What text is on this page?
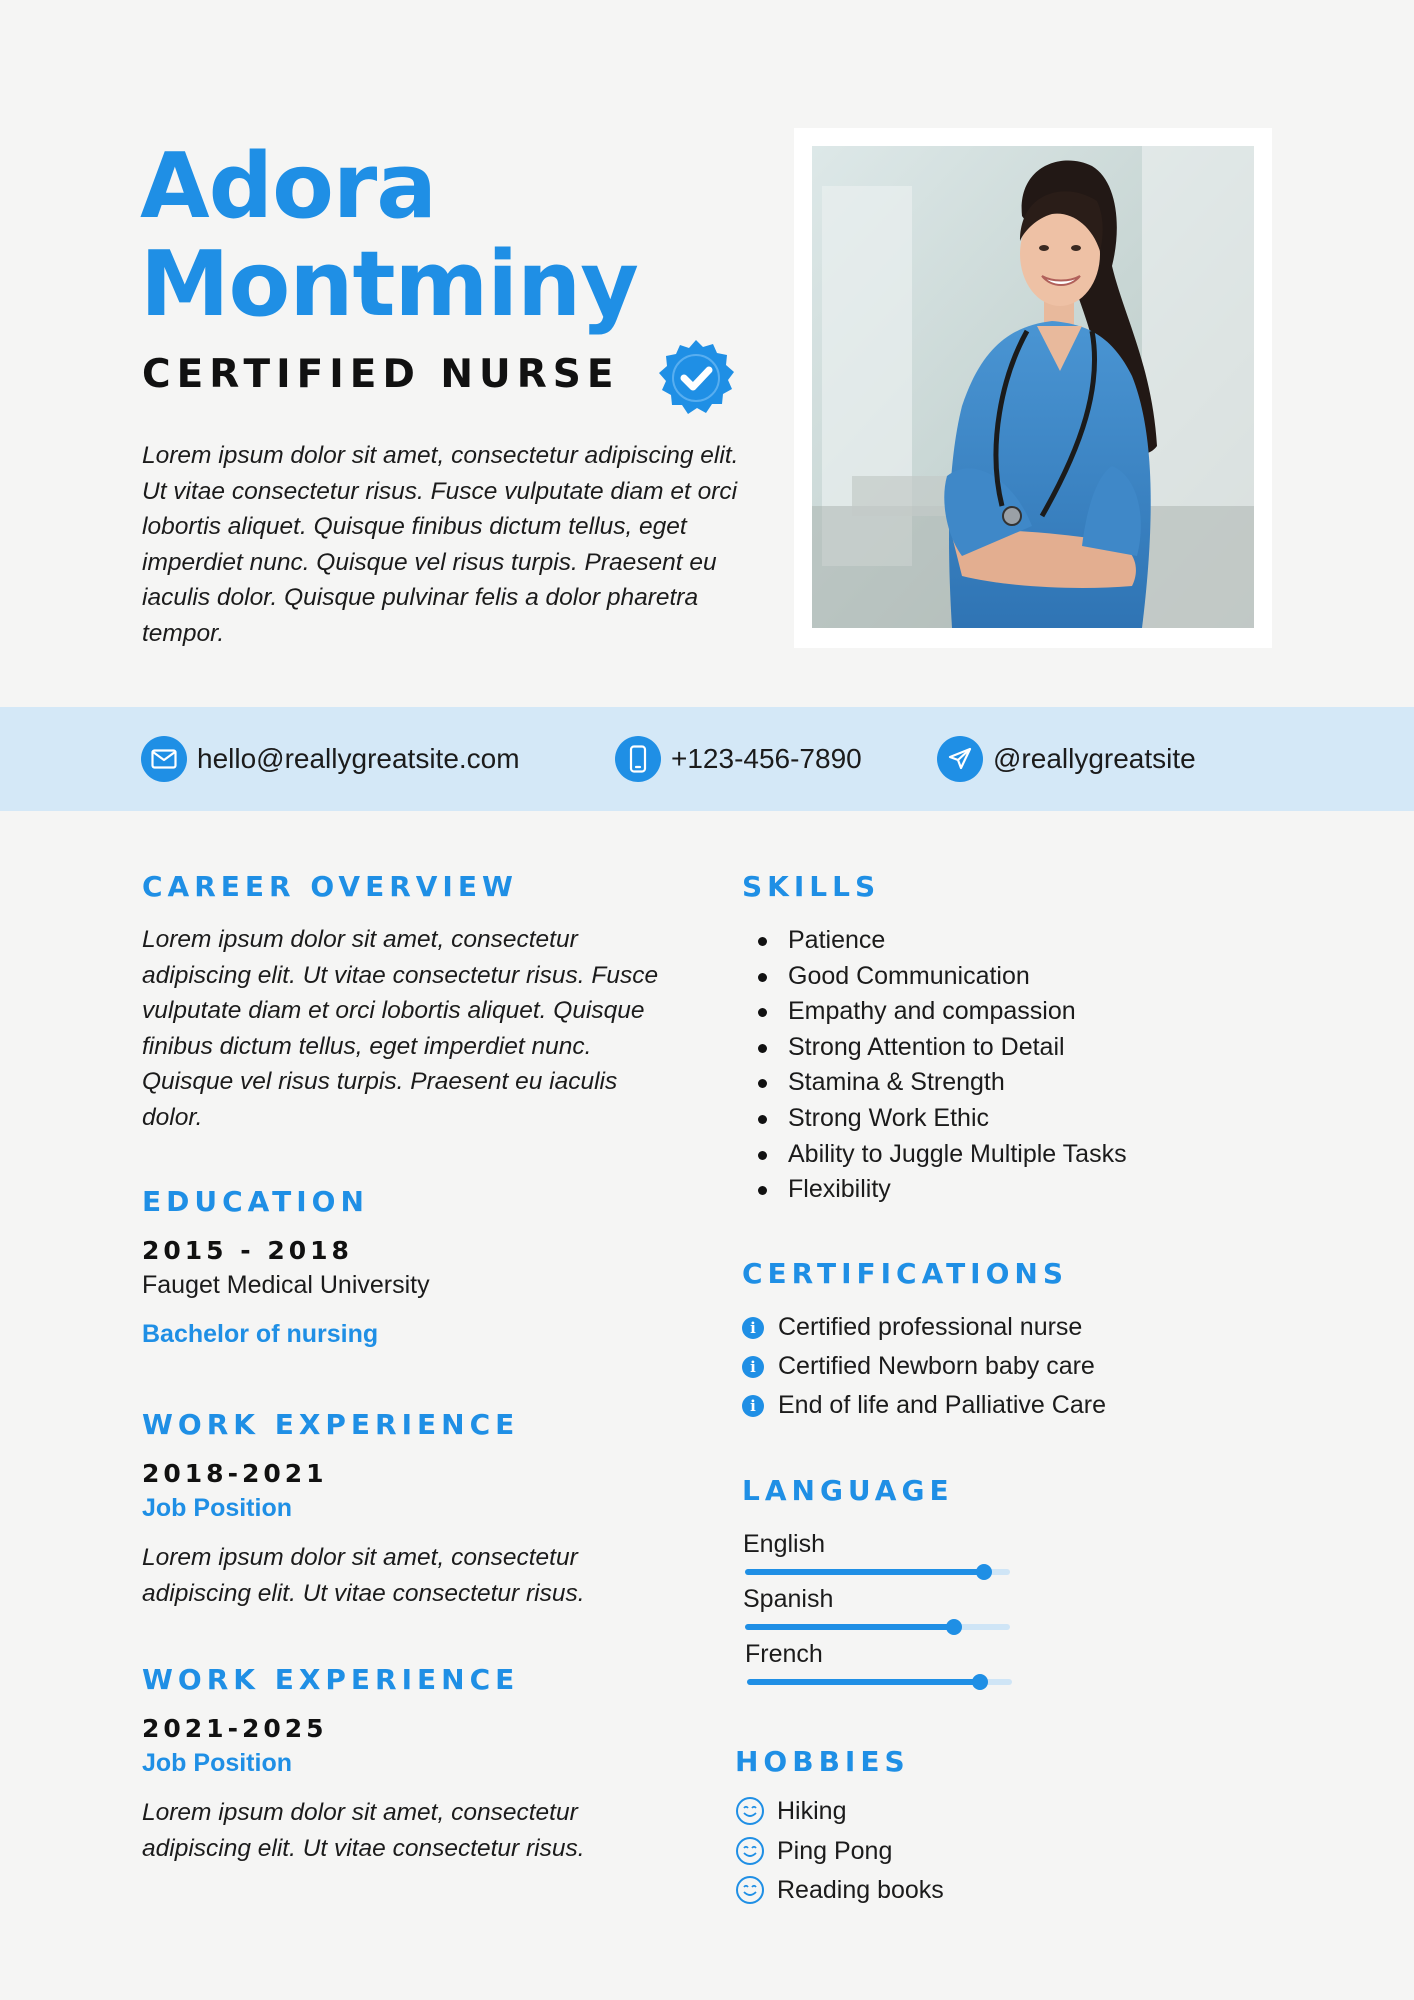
Adora
Montminy
CERTIFIED NURSE
Lorem ipsum dolor sit amet, consectetur adipiscing elit. Ut vitae consectetur risus. Fusce vulputate diam et orci lobortis aliquet. Quisque finibus dictum tellus, eget imperdiet nunc. Quisque vel risus turpis. Praesent eu iaculis dolor. Quisque pulvinar felis a dolor pharetra tempor.
hello@reallygreatsite.com	+123-456-7890	@reallygreatsite
CAREER OVERVIEW
Lorem ipsum dolor sit amet, consectetur adipiscing elit. Ut vitae consectetur risus. Fusce vulputate diam et orci lobortis aliquet. Quisque finibus dictum tellus, eget imperdiet nunc. Quisque vel risus turpis. Praesent eu iaculis dolor.
EDUCATION
2015 - 2018
Fauget Medical University
Bachelor of nursing
WORK EXPERIENCE
2018-2021
Job Position
Lorem ipsum dolor sit amet, consectetur adipiscing elit. Ut vitae consectetur risus.
WORK EXPERIENCE
2021-2025
Job Position
Lorem ipsum dolor sit amet, consectetur adipiscing elit. Ut vitae consectetur risus.
SKILLS
Patience
Good Communication
Empathy and compassion
Strong Attention to Detail
Stamina & Strength
Strong Work Ethic
Ability to Juggle Multiple Tasks
Flexibility
CERTIFICATIONS
i Certified professional nurse
i Certified Newborn baby care
i End of life and Palliative Care
LANGUAGE
English
Spanish
French
HOBBIES
Hiking
Ping Pong
Reading books
